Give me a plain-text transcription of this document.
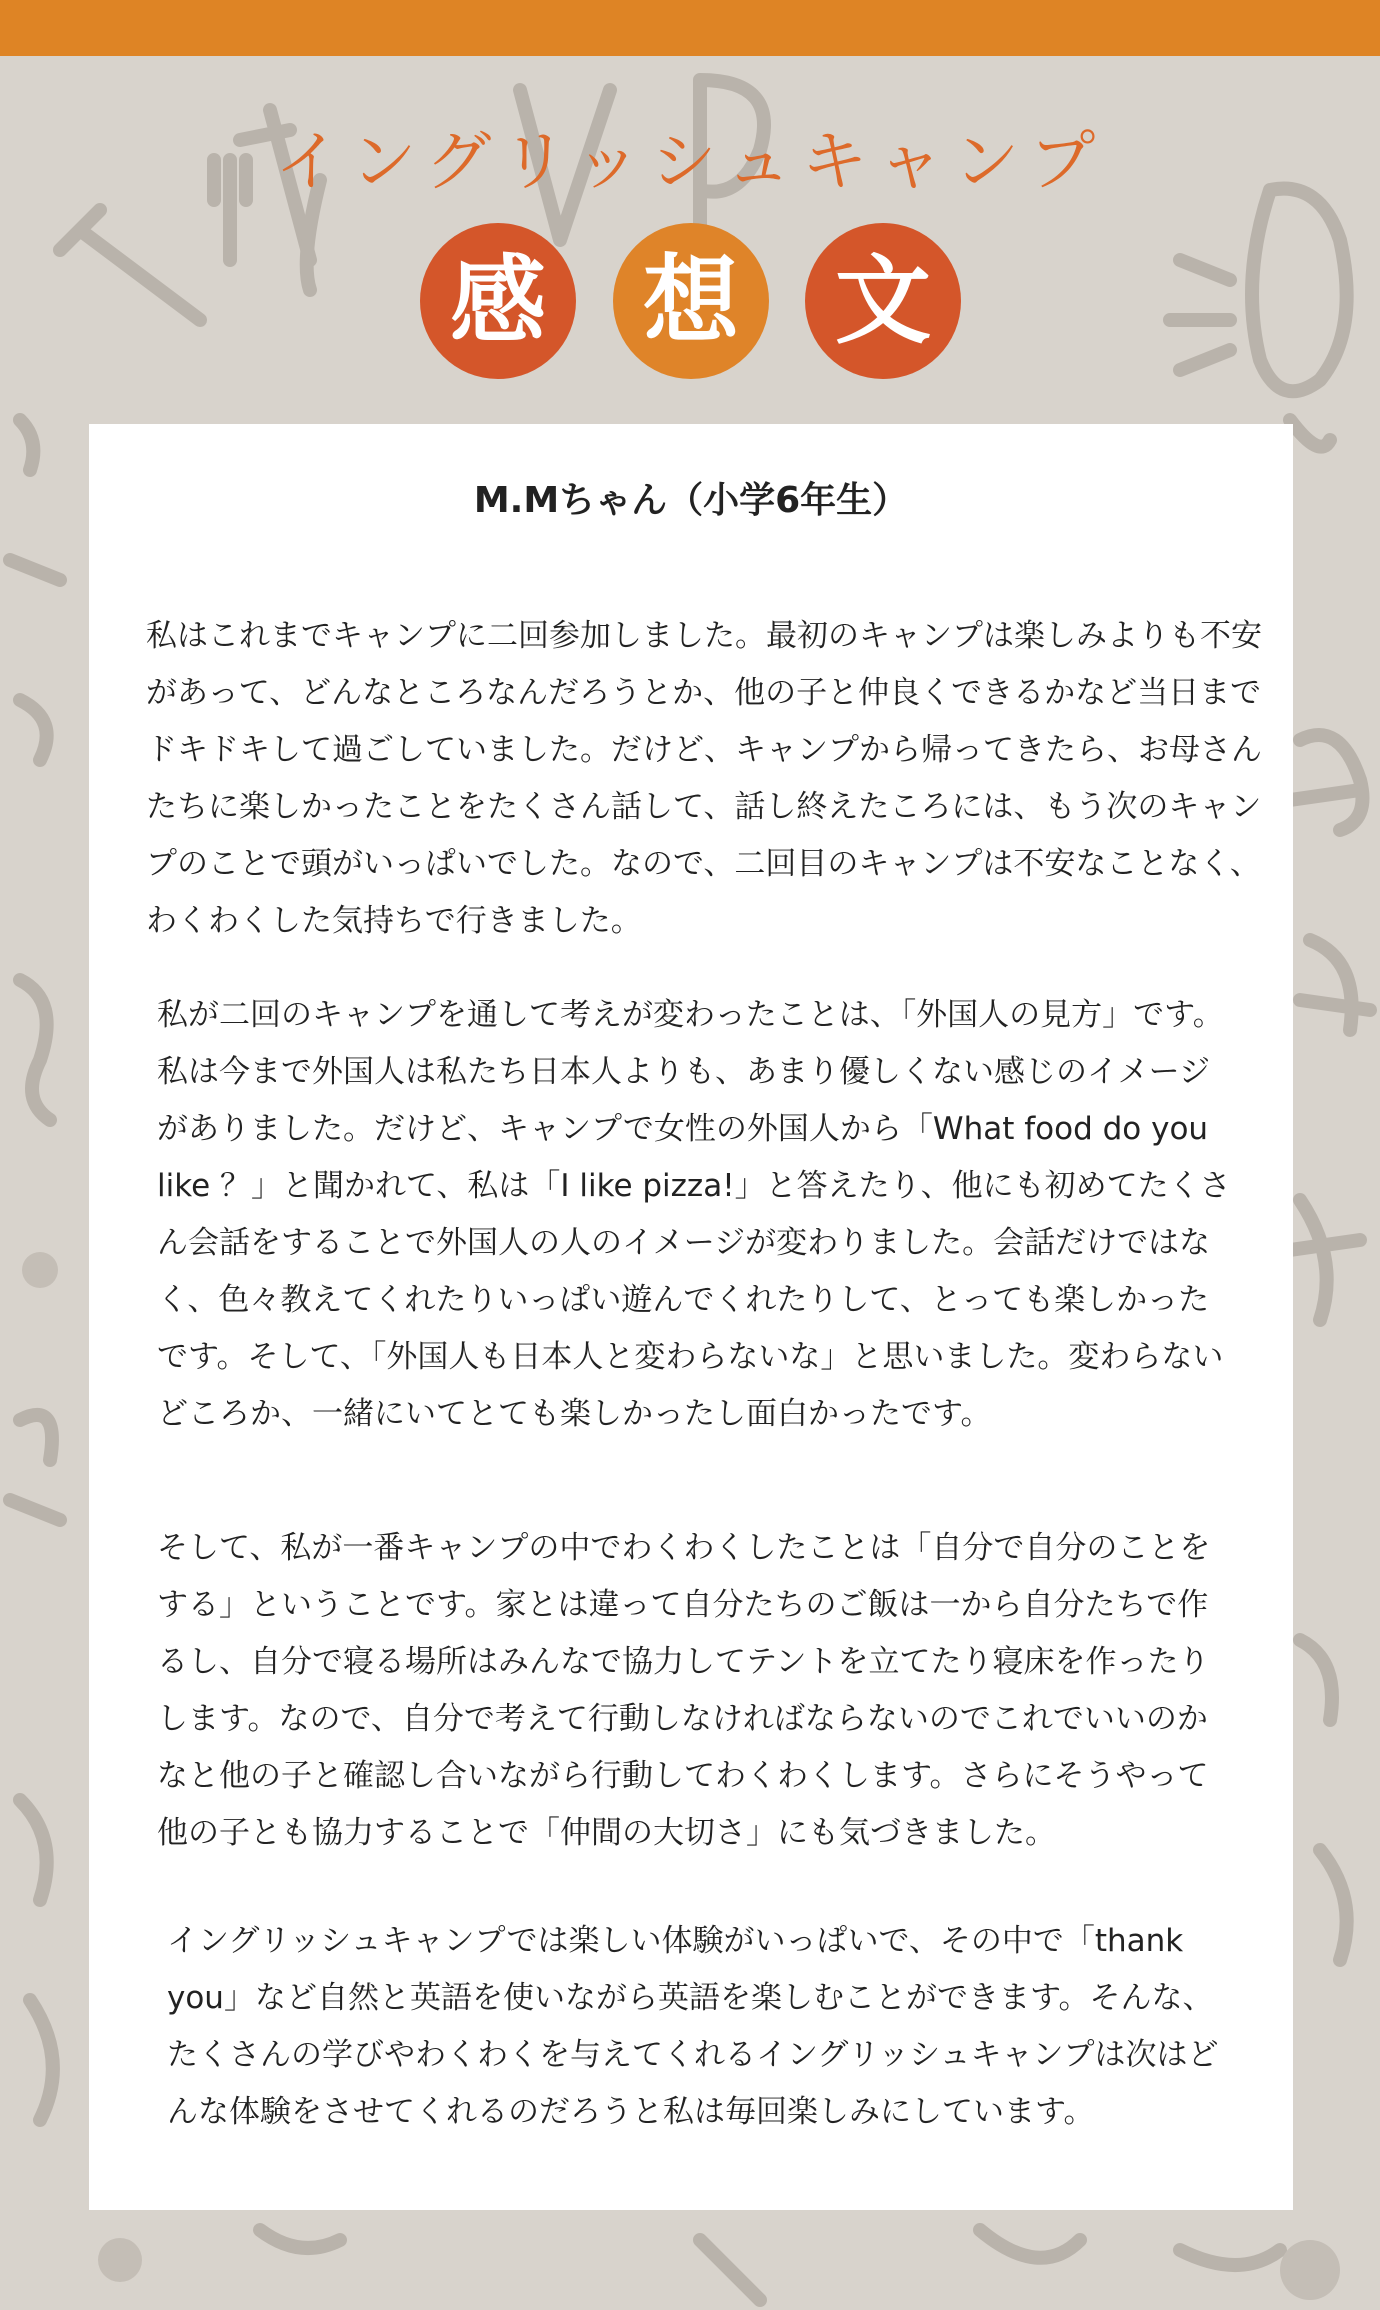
イングリッシュキャンプ
感	想	文
M.Mちゃん（小学6年生）

私はこれまでキャンプに二回参加しました。最初のキャンプは楽しみよりも不安があって、どんなところなんだろうとか、他の子と仲良くできるかなど当日までドキドキして過ごしていました。だけど、キャンプから帰ってきたら、お母さんたちに楽しかったことをたくさん話して、話し終えたころには、もう次のキャンプのことで頭がいっぱいでした。なので、二回目のキャンプは不安なことなく、わくわくした気持ちで行きました。

私が二回のキャンプを通して考えが変わったことは、「外国人の見方」です。私は今まで外国人は私たち日本人よりも、あまり優しくない感じのイメージがありました。だけど、キャンプで女性の外国人から「What food do you like ？」と聞かれて、私は「I like pizza!」と答えたり、他にも初めてたくさん会話をすることで外国人の人のイメージが変わりました。会話だけではなく、色々教えてくれたりいっぱい遊んでくれたりして、とっても楽しかったです。そして、「外国人も日本人と変わらないな」と思いました。変わらないどころか、一緒にいてとても楽しかったし面白かったです。

そして、私が一番キャンプの中でわくわくしたことは「自分で自分のことをする」ということです。家とは違って自分たちのご飯は一から自分たちで作るし、自分で寝る場所はみんなで協力してテントを立てたり寝床を作ったりします。なので、自分で考えて行動しなければならないのでこれでいいのかなと他の子と確認し合いながら行動してわくわくします。さらにそうやって他の子とも協力することで「仲間の大切さ」にも気づきました。

イングリッシュキャンプでは楽しい体験がいっぱいで、その中で「thank you」など自然と英語を使いながら英語を楽しむことができます。そんな、たくさんの学びやわくわくを与えてくれるイングリッシュキャンプは次はどんな体験をさせてくれるのだろうと私は毎回楽しみにしています。
